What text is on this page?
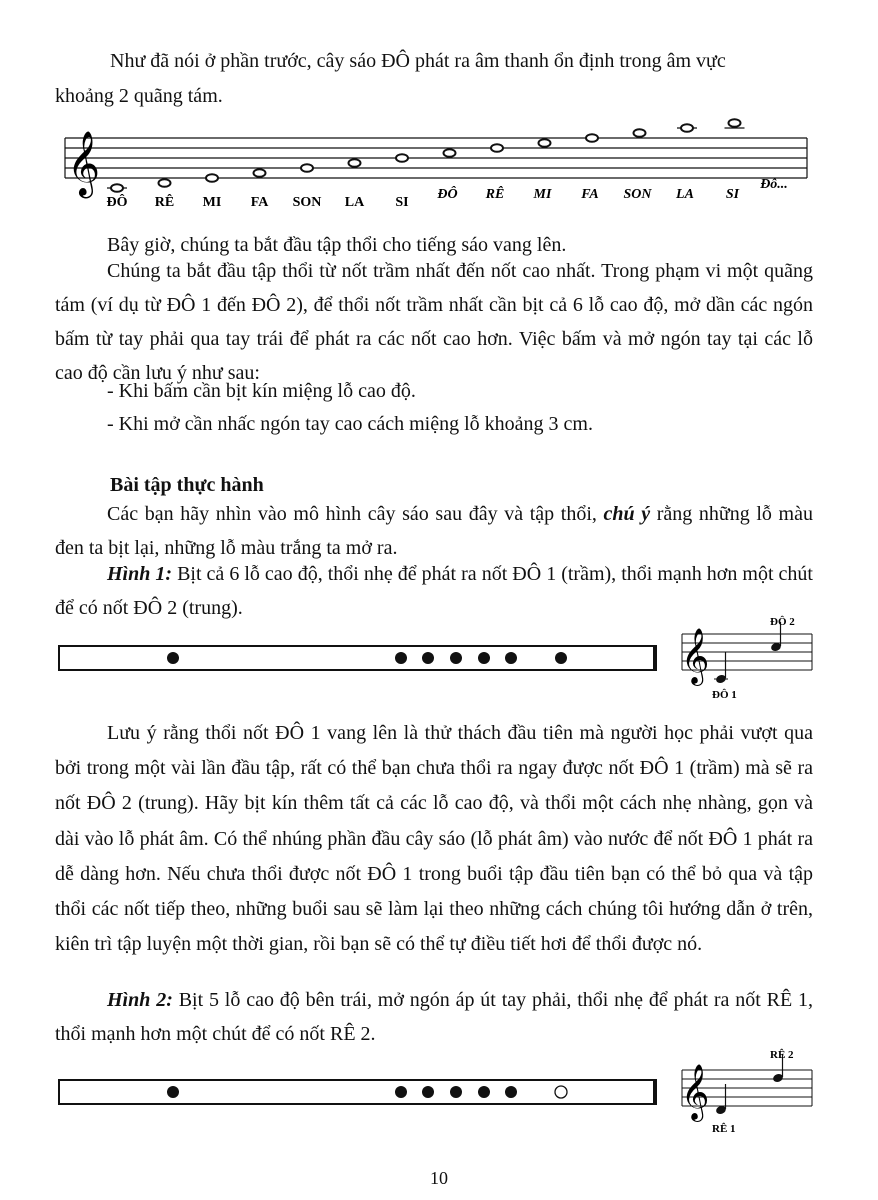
Như đã nói ở phần trước, cây sáo ĐÔ phát ra âm thanh ổn định trong âm vực

khoảng 2 quãng tám.

𝄞
ĐÔ RÊ MI FA SON LA SI
ĐÔ RÊ MI FA SON LA SI
Đô...

Bây giờ, chúng ta bắt đầu tập thổi cho tiếng sáo vang lên.

Chúng ta bắt đầu tập thổi từ nốt trầm nhất đến nốt cao nhất. Trong phạm vi một quãng tám (ví dụ từ ĐÔ 1 đến ĐÔ 2), để thổi nốt trầm nhất cần bịt cả 6 lỗ cao độ, mở dần các ngón bấm từ tay phải qua tay trái để phát ra các nốt cao hơn. Việc bấm và mở ngón tay tại các lỗ cao độ cần lưu ý như sau:

- Khi bấm cần bịt kín miệng lỗ cao độ.

- Khi mở cần nhấc ngón tay cao cách miệng lỗ khoảng 3 cm.

Bài tập thực hành

Các bạn hãy nhìn vào mô hình cây sáo sau đây và tập thổi, chú ý rằng những lỗ màu đen ta bịt lại, những lỗ màu trắng ta mở ra.

Hình 1: Bịt cả 6 lỗ cao độ, thổi nhẹ để phát ra nốt ĐÔ 1 (trầm), thổi mạnh hơn một chút để có nốt ĐÔ 2 (trung).

𝄞
ĐÔ 2
ĐÔ 1

Lưu ý rằng thổi nốt ĐÔ 1 vang lên là thử thách đầu tiên mà người học phải vượt qua bởi trong một vài lần đầu tập, rất có thể bạn chưa thổi ra ngay được nốt ĐÔ 1 (trầm) mà sẽ ra nốt ĐÔ 2 (trung). Hãy bịt kín thêm tất cả các lỗ cao độ, và thổi một cách nhẹ nhàng, gọn và dài vào lỗ phát âm. Có thể nhúng phần đầu cây sáo (lỗ phát âm) vào nước để nốt ĐÔ 1 phát ra dễ dàng hơn. Nếu chưa thổi được nốt ĐÔ 1 trong buổi tập đầu tiên bạn có thể bỏ qua và tập thổi các nốt tiếp theo, những buổi sau sẽ làm lại theo những cách chúng tôi hướng dẫn ở trên, kiên trì tập luyện một thời gian, rồi bạn sẽ có thể tự điều tiết hơi để thổi được nó.

Hình 2: Bịt 5 lỗ cao độ bên trái, mở ngón áp út tay phải, thổi nhẹ để phát ra nốt RÊ 1, thổi mạnh hơn một chút để có nốt RÊ 2.

𝄞
RÊ 2
RÊ 1
10
